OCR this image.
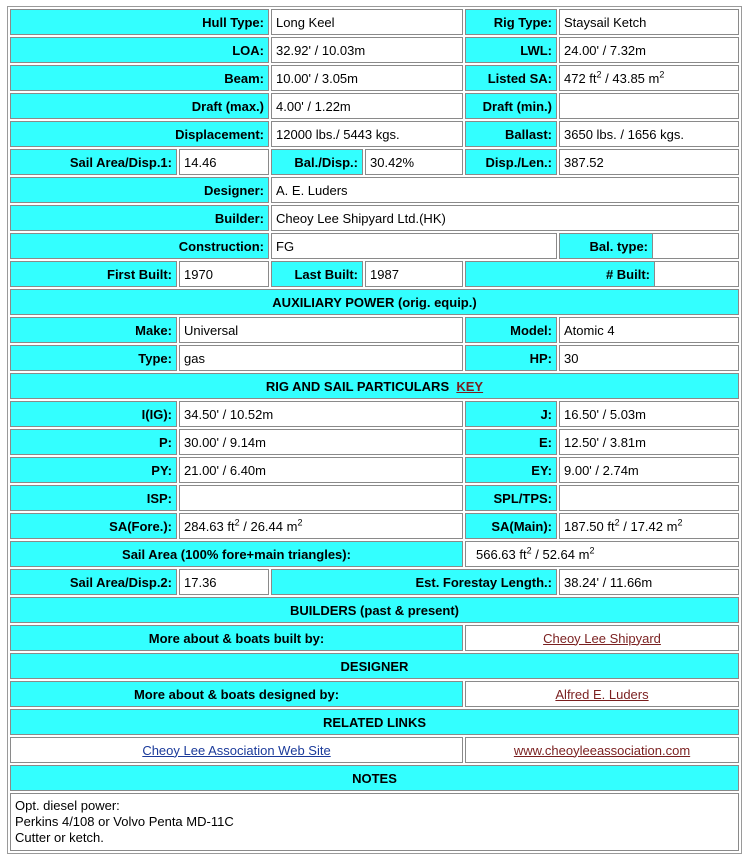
Hull Type:	Long Keel	Rig Type:	Staysail Ketch
LOA:	32.92' / 10.03m	LWL:	24.00' / 7.32m
Beam:	10.00' / 3.05m	Listed SA:	472 $ft^2 / 43.85$ $m^2$
Draft (max.)	4.00' / 1.22m	Draft (min.)	
Displacement:	12000 lbs./ 5443 kgs.	Ballast:	3650 lbs. / 1656 kgs.
Sail Area/Disp.1:	14.46	Bal./Disp.:	30.42%	Disp./Len.:	387.52
Designer:	A. E. Luders
Builder:	Cheoy Lee Shipyard Ltd.(HK)
Construction:	FG		Bal. type:	

First Built:	1970	Last Built:	1987		# Built:	

AUXILIARY POWER (orig. equip.)
Make:	Universal	Model:	Atomic 4
Type:	gas	HP:	30
RIG AND SAIL PARTICULARS KEY
I(IG):	34.50' / 10.52m	J:	16.50' / 5.03m
P:	30.00' / 9.14m	E:	12.50' / 3.81m
PY:	21.00' / 6.40m	EY:	9.00' / 2.74m
ISP:		SPL/TPS:	
SA(Fore.):	284.63 $ft^2 / 26.44$ $m^2$	SA(Main):	187.50 $ft^2 / 17.42$ $m^2$
Sail Area (100% fore+main triangles):	566.63 $ft^2 / 52.64$ $m^2$
Sail Area/Disp.2:	17.36	Est. Forestay Length.:	38.24' / 11.66m
BUILDERS (past & present)
More about & boats built by:	Cheoy Lee Shipyard
DESIGNER
More about & boats designed by:	Alfred E. Luders
RELATED LINKS
Cheoy Lee Association Web Site	www.cheoyleeassociation.com
NOTES

Opt. diesel power:
Perkins 4/108 or Volvo Penta MD-11C
Cutter or ketch.
